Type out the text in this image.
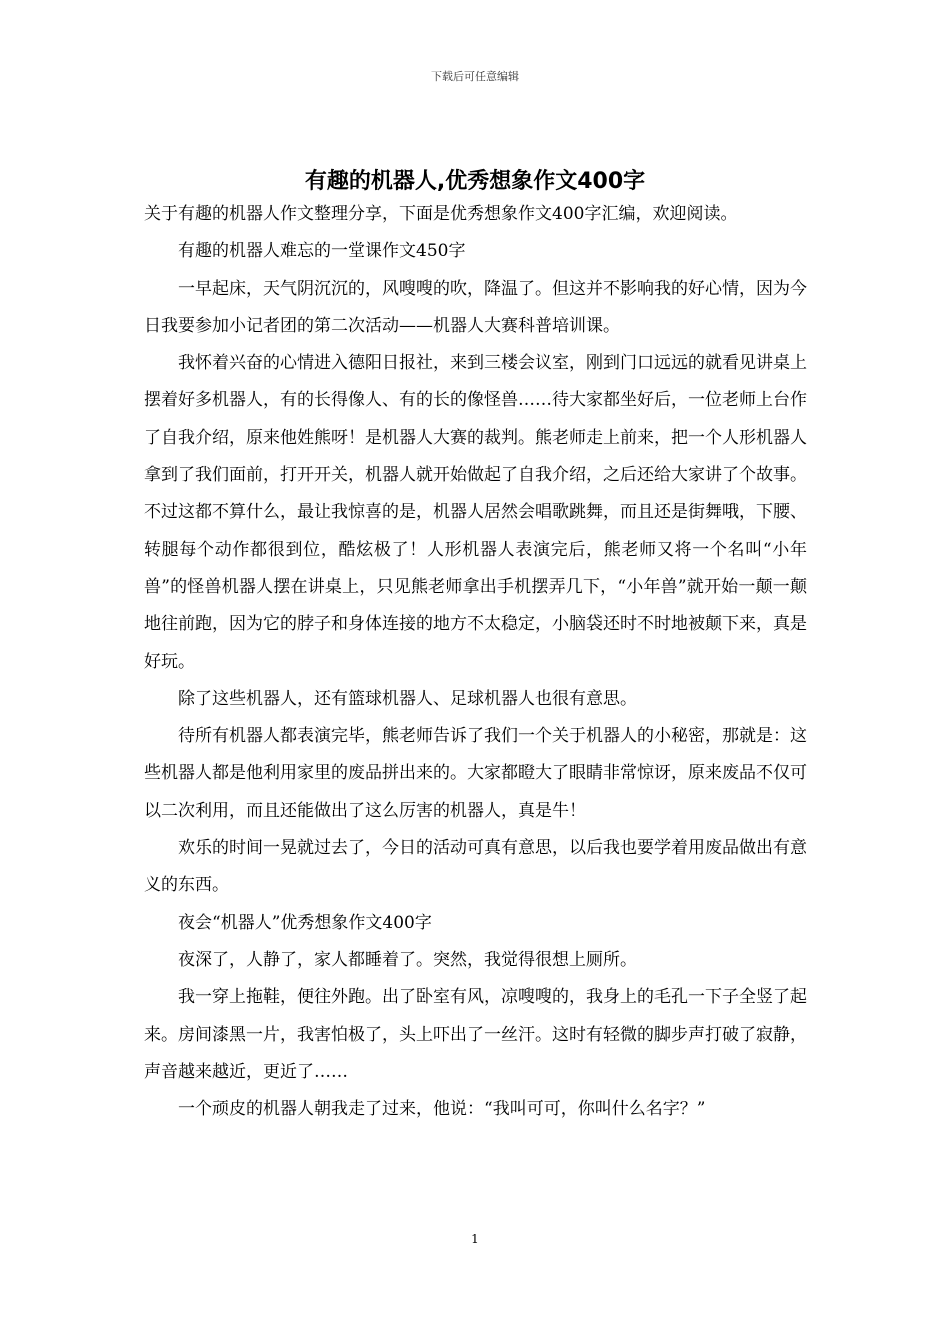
下载后可任意编辑
有趣的机器人,优秀想象作文400字

关于有趣的机器人作文整理分享，下面是优秀想象作文400字汇编，欢迎阅读。

有趣的机器人难忘的一堂课作文450字

一早起床，天气阴沉沉的，风嗖嗖的吹，降温了。但这并不影响我的好心情，因为今日我要参加小记者团的第二次活动——机器人大赛科普培训课。

我怀着兴奋的心情进入德阳日报社，来到三楼会议室，刚到门口远远的就看见讲桌上摆着好多机器人，有的长得像人、有的长的像怪兽……待大家都坐好后，一位老师上台作了自我介绍，原来他姓熊呀！是机器人大赛的裁判。熊老师走上前来，把一个人形机器人拿到了我们面前，打开开关，机器人就开始做起了自我介绍，之后还给大家讲了个故事。不过这都不算什么，最让我惊喜的是，机器人居然会唱歌跳舞，而且还是街舞哦，下腰、转腿每个动作都很到位，酷炫极了！人形机器人表演完后，熊老师又将一个名叫“小年兽”的怪兽机器人摆在讲桌上，只见熊老师拿出手机摆弄几下，“小年兽”就开始一颠一颠地往前跑，因为它的脖子和身体连接的地方不太稳定，小脑袋还时不时地被颠下来，真是好玩。

除了这些机器人，还有篮球机器人、足球机器人也很有意思。

待所有机器人都表演完毕，熊老师告诉了我们一个关于机器人的小秘密，那就是：这些机器人都是他利用家里的废品拼出来的。大家都瞪大了眼睛非常惊讶，原来废品不仅可以二次利用，而且还能做出了这么厉害的机器人，真是牛！

欢乐的时间一晃就过去了，今日的活动可真有意思，以后我也要学着用废品做出有意义的东西。

夜会“机器人”优秀想象作文400字

夜深了，人静了，家人都睡着了。突然，我觉得很想上厕所。

我一穿上拖鞋，便往外跑。出了卧室有风，凉嗖嗖的，我身上的毛孔一下子全竖了起来。房间漆黑一片，我害怕极了，头上吓出了一丝汗。这时有轻微的脚步声打破了寂静，声音越来越近，更近了……

一个顽皮的机器人朝我走了过来，他说：“我叫可可，你叫什么名字？”

1
